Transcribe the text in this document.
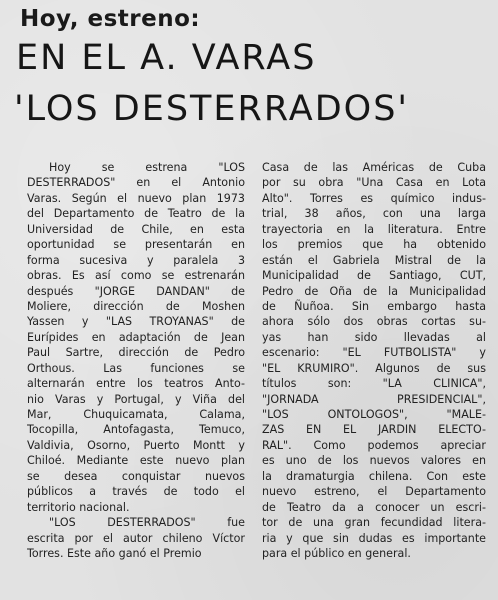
Hoy, estreno:
EN EL A. VARAS
'LOS DESTERRADOS'
Hoy se estrena "LOS
DESTERRADOS" en el Antonio
Varas. Según el nuevo plan 1973
del Departamento de Teatro de la
Universidad de Chile, en esta
oportunidad se presentarán en
forma sucesiva y paralela 3
obras. Es así como se estrenarán
después "JORGE DANDAN" de
Moliere, dirección de Moshen
Yassen y "LAS TROYANAS" de
Eurípides en adaptación de Jean
Paul Sartre, dirección de Pedro
Orthous. Las funciones se
alternarán entre los teatros Anto-
nio Varas y Portugal, y Viña del
Mar, Chuquicamata, Calama,
Tocopilla, Antofagasta, Temuco,
Valdivia, Osorno, Puerto Montt y
Chiloé. Mediante este nuevo plan
se desea conquistar nuevos
públicos a través de todo el
territorio nacional.
"LOS DESTERRADOS" fue
escrita por el autor chileno Víctor
Torres. Este año ganó el Premio
Casa de las Américas de Cuba
por su obra "Una Casa en Lota
Alto". Torres es químico indus-
trial, 38 años, con una larga
trayectoria en la literatura. Entre
los premios que ha obtenido
están el Gabriela Mistral de la
Municipalidad de Santiago, CUT,
Pedro de Oña de la Municipalidad
de Ñuñoa. Sin embargo hasta
ahora sólo dos obras cortas su-
yas han sido llevadas al
escenario: "EL FUTBOLISTA" y
"EL KRUMIRO". Algunos de sus
títulos son: "LA CLINICA",
"JORNADA PRESIDENCIAL",
"LOS ONTOLOGOS", "MALE-
ZAS EN EL JARDIN ELECTO-
RAL". Como podemos apreciar
es uno de los nuevos valores en
la dramaturgia chilena. Con este
nuevo estreno, el Departamento
de Teatro da a conocer un escri-
tor de una gran fecundidad litera-
ria y que sin dudas es importante
para el público en general.
